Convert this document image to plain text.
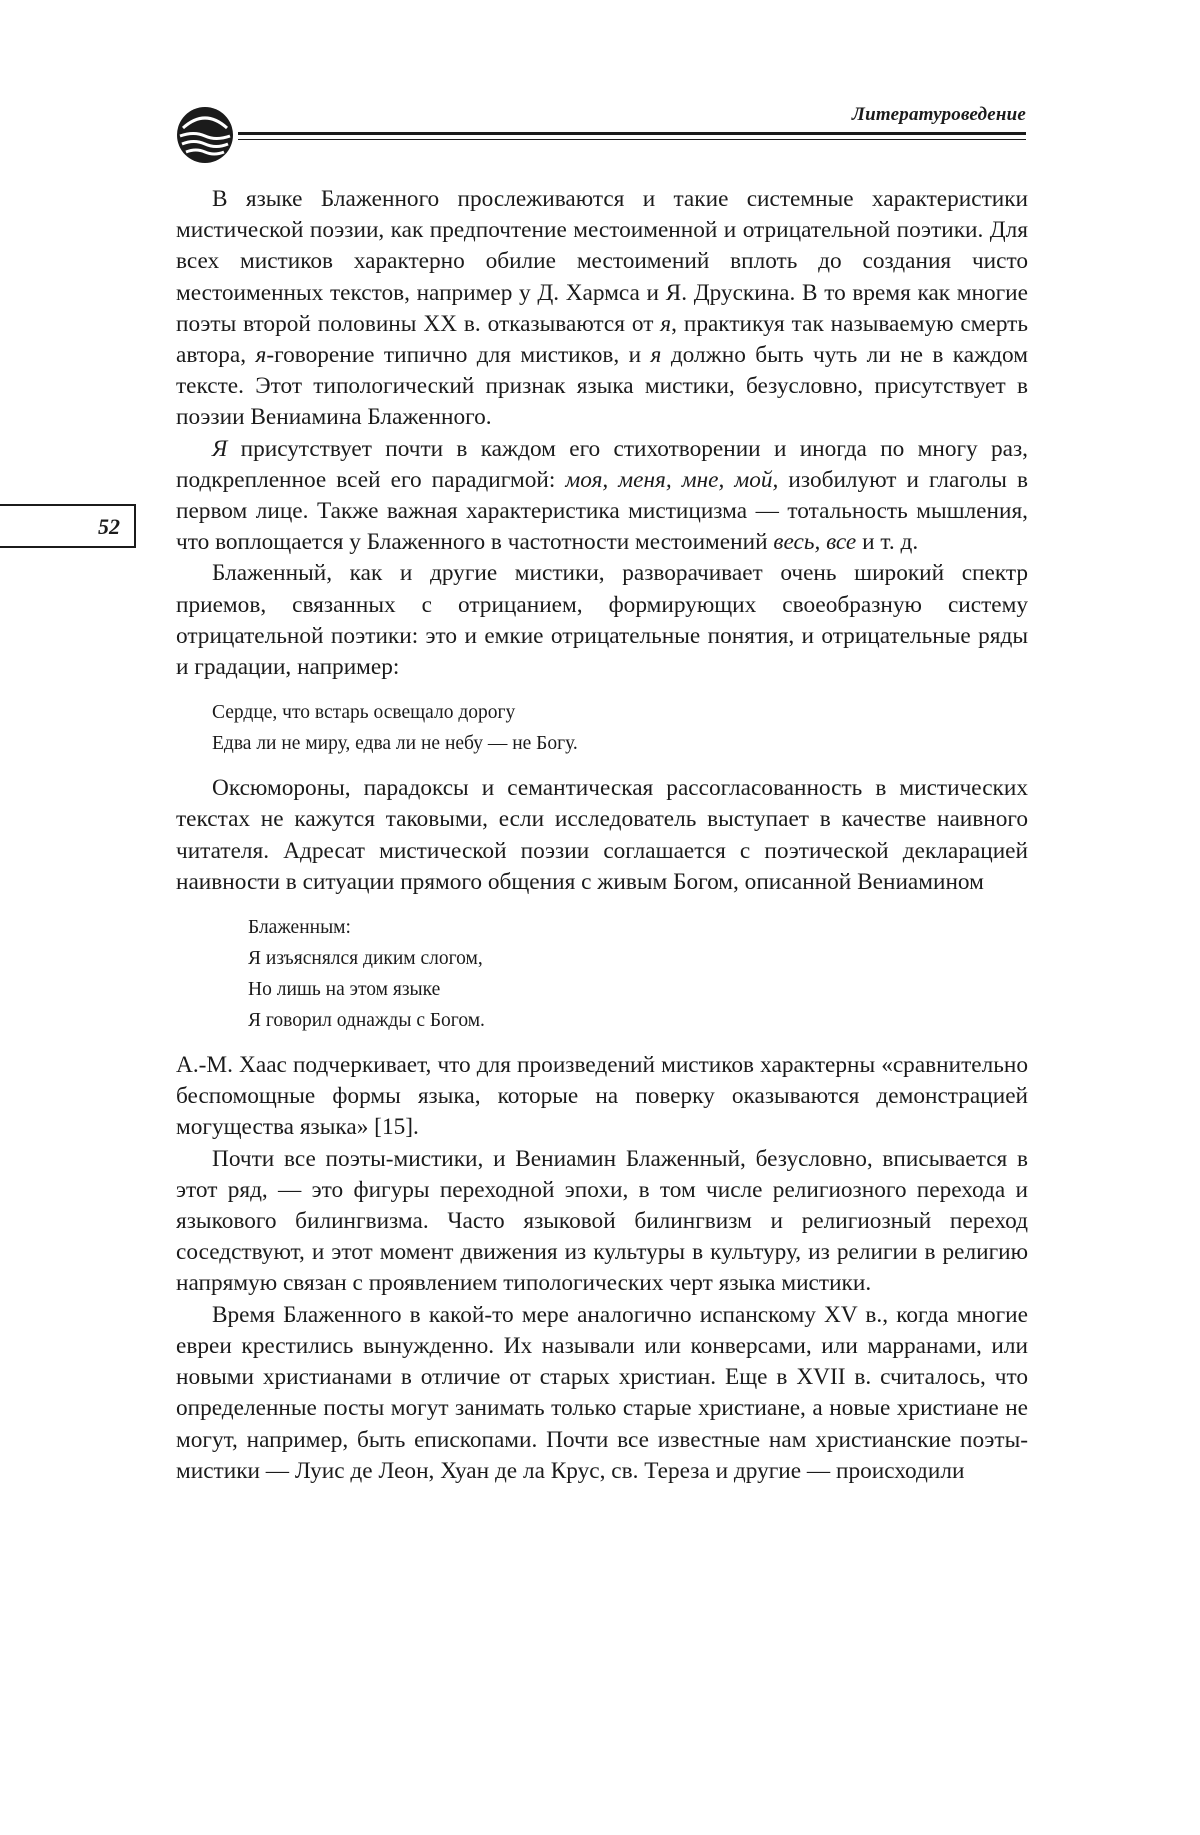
Литературоведение
52

В языке Блаженного прослеживаются и такие системные характеристики мистической поэзии, как предпочтение местоименной и отрицательной поэтики. Для всех мистиков характерно обилие местоимений вплоть до создания чисто местоименных текстов, например у Д. Хармса и Я. Друскина. В то время как многие поэты второй половины XX в. отказываются от я, практикуя так называемую смерть автора, я-говорение типично для мистиков, и я должно быть чуть ли не в каждом тексте. Этот типологический признак языка мистики, безусловно, присутствует в поэзии Вениамина Блаженного.

Я присутствует почти в каждом его стихотворении и иногда по многу раз, подкрепленное всей его парадигмой: моя, меня, мне, мой, изобилуют и глаголы в первом лице. Также важная характеристика мистицизма — тотальность мышления, что воплощается у Блаженного в частотности местоимений весь, все и т. д.

Блаженный, как и другие мистики, разворачивает очень широкий спектр приемов, связанных с отрицанием, формирующих своеобразную систему отрицательной поэтики: это и емкие отрицательные понятия, и отрицательные ряды и градации, например:

Сердце, что встарь освещало дорогу
Едва ли не миру, едва ли не небу — не Богу.

Оксюмороны, парадоксы и семантическая рассогласованность в мистических текстах не кажутся таковыми, если исследователь выступает в качестве наивного читателя. Адресат мистической поэзии соглашается с поэтической декларацией наивности в ситуации прямого общения с живым Богом, описанной Вениамином

Блаженным:
Я изъяснялся диким слогом,
Но лишь на этом языке
Я говорил однажды с Богом.

А.-М. Хаас подчеркивает, что для произведений мистиков характерны «сравнительно беспомощные формы языка, которые на поверку оказываются демонстрацией могущества языка» [15].

Почти все поэты-мистики, и Вениамин Блаженный, безусловно, вписывается в этот ряд, — это фигуры переходной эпохи, в том числе религиозного перехода и языкового билингвизма. Часто языковой билингвизм и религиозный переход соседствуют, и этот момент движения из культуры в культуру, из религии в религию напрямую связан с проявлением типологических черт языка мистики.

Время Блаженного в какой-то мере аналогично испанскому XV в., когда многие евреи крестились вынужденно. Их называли или конверсами, или марранами, или новыми христианами в отличие от старых христиан. Еще в XVII в. считалось, что определенные посты могут занимать только старые христиане, а новые христиане не могут, например, быть епископами. Почти все известные нам христианские поэты-мистики — Луис де Леон, Хуан де ла Крус, св. Тереза и другие — происходили
